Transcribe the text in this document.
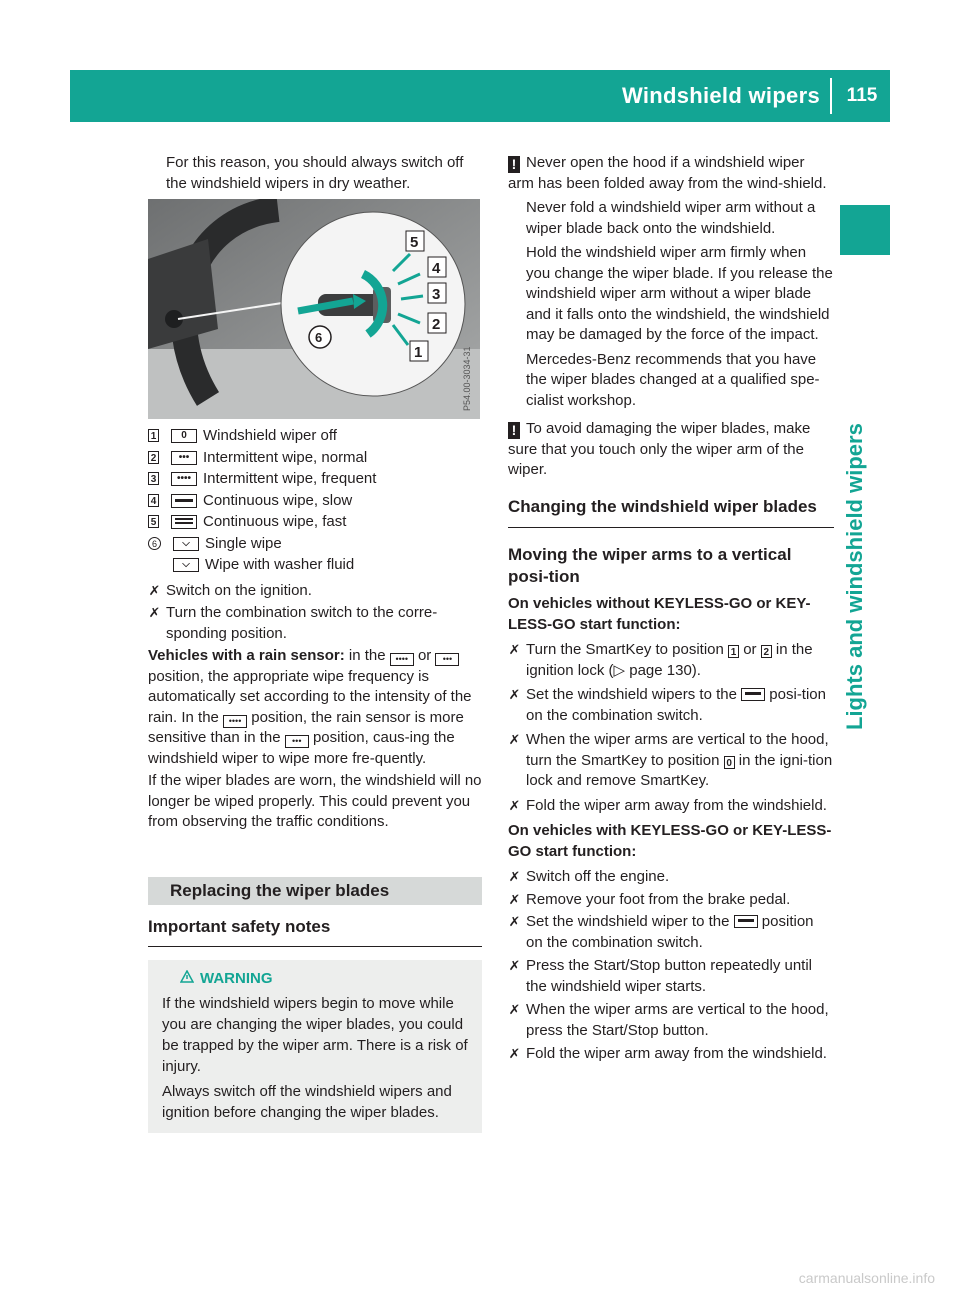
Windshield wipers	115
Lights and windshield wipers

For this reason, you should always switch off the windshield wipers in dry weather.

5
4
3
2
1
6
P54.00-3034-31
1	0	Windshield wiper off
2	••• Intermittent wipe, normal
3	•••• Intermittent wipe, frequent
4	Continuous wipe, slow
5	Continuous wipe, fast
6	⌵	Single wipe
⌵	Wipe with washer fluid

✗ Switch on the ignition.

✗ Turn the combination switch to the corre-sponding position.

Vehicles with a rain sensor: in the •••• or ••• position, the appropriate wipe frequency is automatically set according to the intensity of the rain. In the •••• position, the rain sensor is more sensitive than in the ••• position, caus-ing the windshield wiper to wipe more fre-quently.

If the wiper blades are worn, the windshield will no longer be wiped properly. This could prevent you from observing the traffic conditions.

Replacing the wiper blades
Important safety notes
WARNING

If the windshield wipers begin to move while you are changing the wiper blades, you could be trapped by the wiper arm. There is a risk of injury.

Always switch off the windshield wipers and ignition before changing the wiper blades.

! Never open the hood if a windshield wiper arm has been folded away from the wind-shield.

Never fold a windshield wiper arm without a wiper blade back onto the windshield.

Hold the windshield wiper arm firmly when you change the wiper blade. If you release the windshield wiper arm without a wiper blade and it falls onto the windshield, the windshield may be damaged by the force of the impact.

Mercedes-Benz recommends that you have the wiper blades changed at a qualified spe-cialist workshop.

! To avoid damaging the wiper blades, make sure that you touch only the wiper arm of the wiper.

Changing the windshield wiper blades
Moving the wiper arms to a vertical posi-tion

On vehicles without KEYLESS-GO or KEY-LESS-GO start function:

✗ Turn the SmartKey to position 1 or 2 in the ignition lock (▷ page 130).

✗ Set the windshield wipers to the posi-tion on the combination switch.

✗ When the wiper arms are vertical to the hood, turn the SmartKey to position 0 in the igni-tion lock and remove SmartKey.

✗ Fold the wiper arm away from the windshield.

On vehicles with KEYLESS-GO or KEY-LESS-GO start function:

✗ Switch off the engine.

✗ Remove your foot from the brake pedal.

✗ Set the windshield wiper to the position on the combination switch.

✗ Press the Start/Stop button repeatedly until the windshield wiper starts.

✗ When the wiper arms are vertical to the hood, press the Start/Stop button.

✗ Fold the wiper arm away from the windshield.

carmanualsonline.info
